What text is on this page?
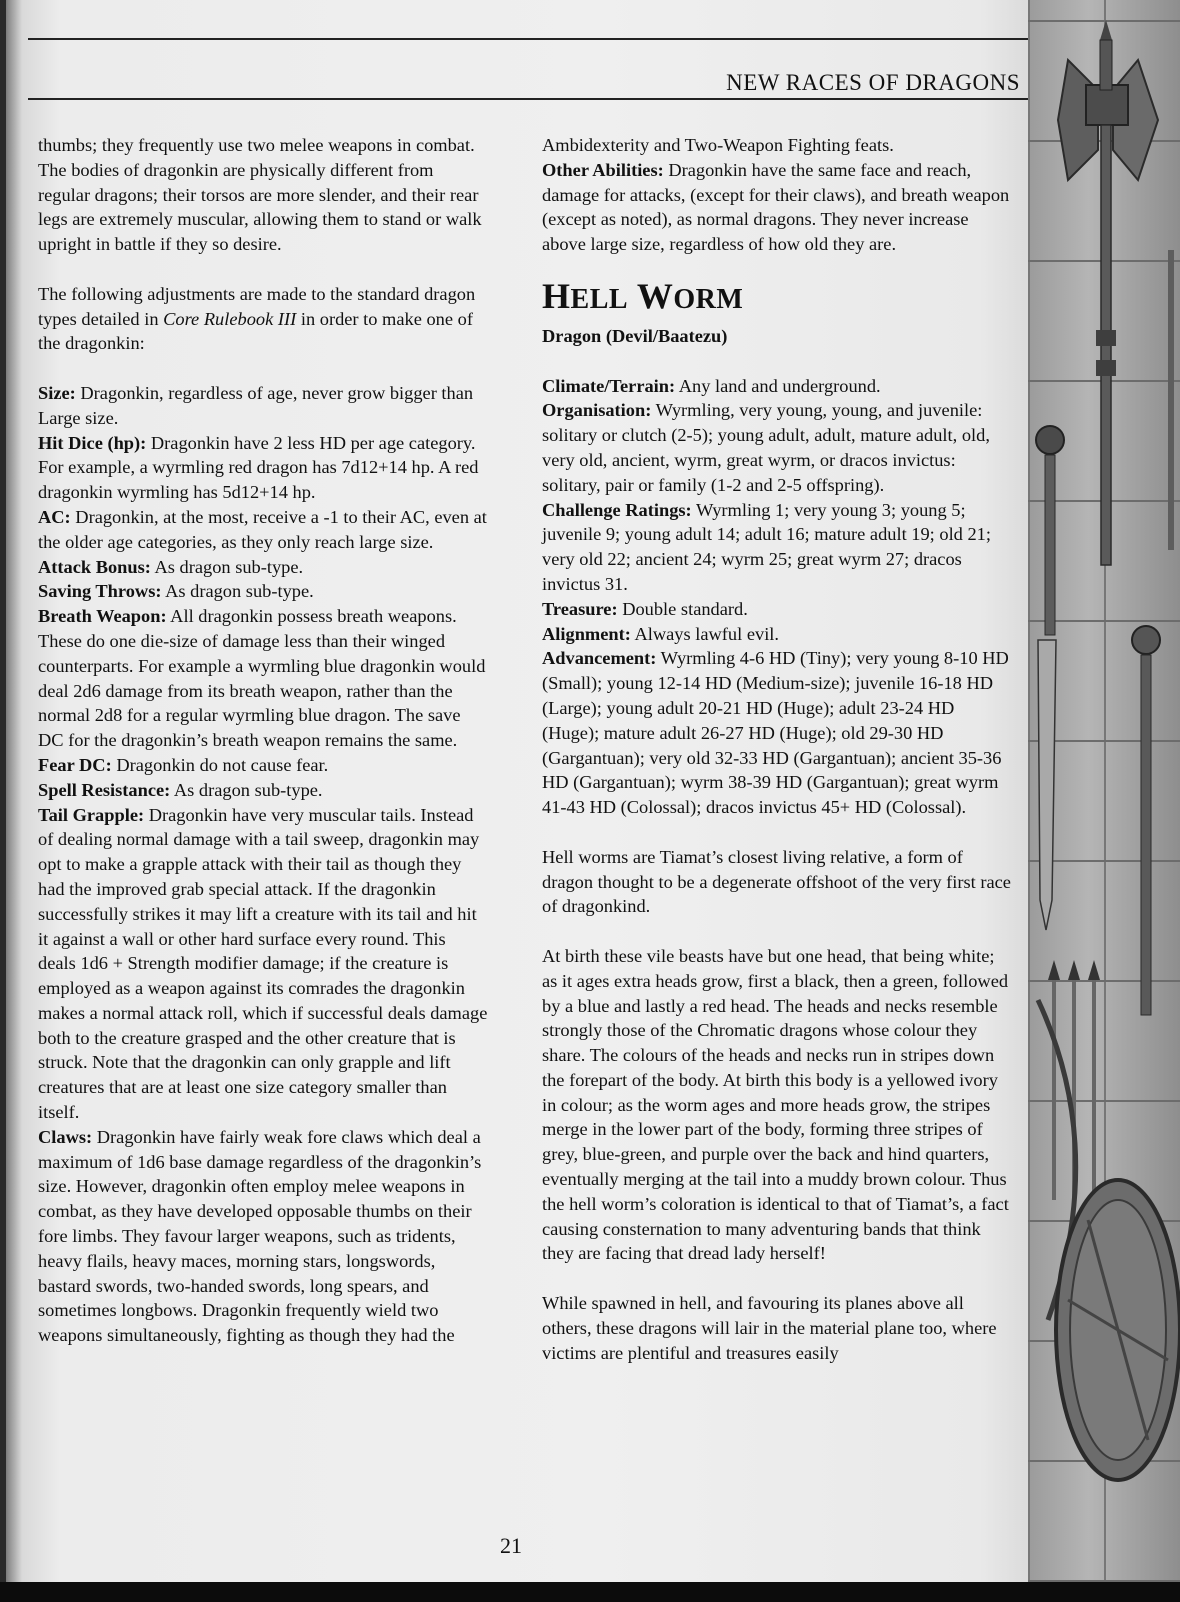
NEW RACES OF DRAGONS

thumbs; they frequently use two melee weapons in combat. The bodies of dragonkin are physically different from regular dragons; their torsos are more slender, and their rear legs are extremely muscular, allowing them to stand or walk upright in battle if they so desire.

The following adjustments are made to the standard dragon types detailed in Core Rulebook III in order to make one of the dragonkin:

Size: Dragonkin, regardless of age, never grow bigger than Large size.

Hit Dice (hp): Dragonkin have 2 less HD per age category. For example, a wyrmling red dragon has 7d12+14 hp. A red dragonkin wyrmling has 5d12+14 hp.

AC: Dragonkin, at the most, receive a -1 to their AC, even at the older age categories, as they only reach large size.

Attack Bonus: As dragon sub-type.

Saving Throws: As dragon sub-type.

Breath Weapon: All dragonkin possess breath weapons. These do one die-size of damage less than their winged counterparts. For example a wyrmling blue dragonkin would deal 2d6 damage from its breath weapon, rather than the normal 2d8 for a regular wyrmling blue dragon. The save DC for the dragonkin’s breath weapon remains the same.

Fear DC: Dragonkin do not cause fear.

Spell Resistance: As dragon sub-type.

Tail Grapple: Dragonkin have very muscular tails. Instead of dealing normal damage with a tail sweep, dragonkin may opt to make a grapple attack with their tail as though they had the improved grab special attack. If the dragonkin successfully strikes it may lift a creature with its tail and hit it against a wall or other hard surface every round. This deals 1d6 + Strength modifier damage; if the creature is employed as a weapon against its comrades the dragonkin makes a normal attack roll, which if successful deals damage both to the creature grasped and the other creature that is struck. Note that the dragonkin can only grapple and lift creatures that are at least one size category smaller than itself.

Claws: Dragonkin have fairly weak fore claws which deal a maximum of 1d6 base damage regardless of the dragonkin’s size. However, dragonkin often employ melee weapons in combat, as they have developed opposable thumbs on their fore limbs. They favour larger weapons, such as tridents, heavy flails, heavy maces, morning stars, longswords, bastard swords, two-handed swords, long spears, and sometimes longbows. Dragonkin frequently wield two weapons simultaneously, fighting as though they had the

Ambidexterity and Two-Weapon Fighting feats.

Other Abilities: Dragonkin have the same face and reach, damage for attacks, (except for their claws), and breath weapon (except as noted), as normal dragons. They never increase above large size, regardless of how old they are.

HELL WORM

Dragon (Devil/Baatezu)

Climate/Terrain: Any land and underground.

Organisation: Wyrmling, very young, young, and juvenile: solitary or clutch (2-5); young adult, adult, mature adult, old, very old, ancient, wyrm, great wyrm, or dracos invictus: solitary, pair or family (1-2 and 2-5 offspring).

Challenge Ratings: Wyrmling 1; very young 3; young 5; juvenile 9; young adult 14; adult 16; mature adult 19; old 21; very old 22; ancient 24; wyrm 25; great wyrm 27; dracos invictus 31.

Treasure: Double standard.

Alignment: Always lawful evil.

Advancement: Wyrmling 4-6 HD (Tiny); very young 8-10 HD (Small); young 12-14 HD (Medium-size); juvenile 16-18 HD (Large); young adult 20-21 HD (Huge); adult 23-24 HD (Huge); mature adult 26-27 HD (Huge); old 29-30 HD (Gargantuan); very old 32-33 HD (Gargantuan); ancient 35-36 HD (Gargantuan); wyrm 38-39 HD (Gargantuan); great wyrm 41-43 HD (Colossal); dracos invictus 45+ HD (Colossal).

Hell worms are Tiamat’s closest living relative, a form of dragon thought to be a degenerate offshoot of the very first race of dragonkind.

At birth these vile beasts have but one head, that being white; as it ages extra heads grow, first a black, then a green, followed by a blue and lastly a red head. The heads and necks resemble strongly those of the Chromatic dragons whose colour they share. The colours of the heads and necks run in stripes down the forepart of the body. At birth this body is a yellowed ivory in colour; as the worm ages and more heads grow, the stripes merge in the lower part of the body, forming three stripes of grey, blue-green, and purple over the back and hind quarters, eventually merging at the tail into a muddy brown colour. Thus the hell worm’s coloration is identical to that of Tiamat’s, a fact causing consternation to many adventuring bands that think they are facing that dread lady herself!

While spawned in hell, and favouring its planes above all others, these dragons will lair in the material plane too, where victims are plentiful and treasures easily

21
